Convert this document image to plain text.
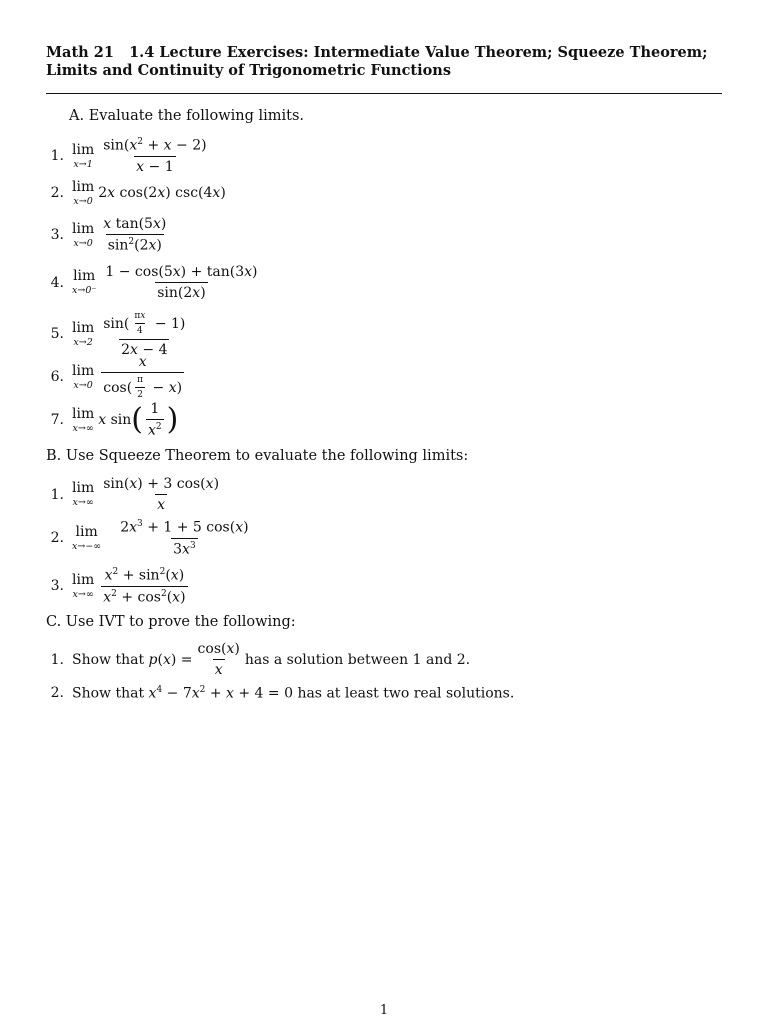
Math 21 1.4 Lecture Exercises: Intermediate Value Theorem; Squeeze Theorem; Limits and Continuity of Trigonometric Functions
A. Evaluate the following limits.
1. lim
$x\to 1 \frac{\sin(x^2 + x - 2)}{x - 1}$
2. lim
x→0
2x cos(2x) csc(4x)
3. lim
$x\to 0 \frac{\text{x tan(5x)}}{\sin^2(2x)}$
4. lim
$x\to 0^- \frac{1 - \cos(5x) + \tan(3x)}{\sin(2x)}$
5. lim
$x\to 2 \frac{\sin( \frac{\pi x}{4} - 1)}{2x - 4}$
6. lim
$x\to 0 \frac{x}{\cos( \frac{\pi}{2} - x)}$
7. lim
x→∞
x sin ( $\frac{1}{x^2}$ )
B. Use Squeeze Theorem to evaluate the following limits:
1. lim
$x\to\infty \frac{\sin(x) + 3 \cos(x)}{x}$
2. lim
$x\to-\infty \frac{2x^3 + 1 + 5 \cos(x)}{3x^3}$
3. lim
$x\to\infty \frac{x^2 + \sin^2(x)}{x^2 + \cos^2(x)}$
C. Use IVT to prove the following:
1. Show that $p(x) = \frac{\cos(x)}{x}$ has a solution between 1 and 2.
2. Show that $x^4 - 7x^2 + x + 4 = 0$ has at least two real solutions.
1
